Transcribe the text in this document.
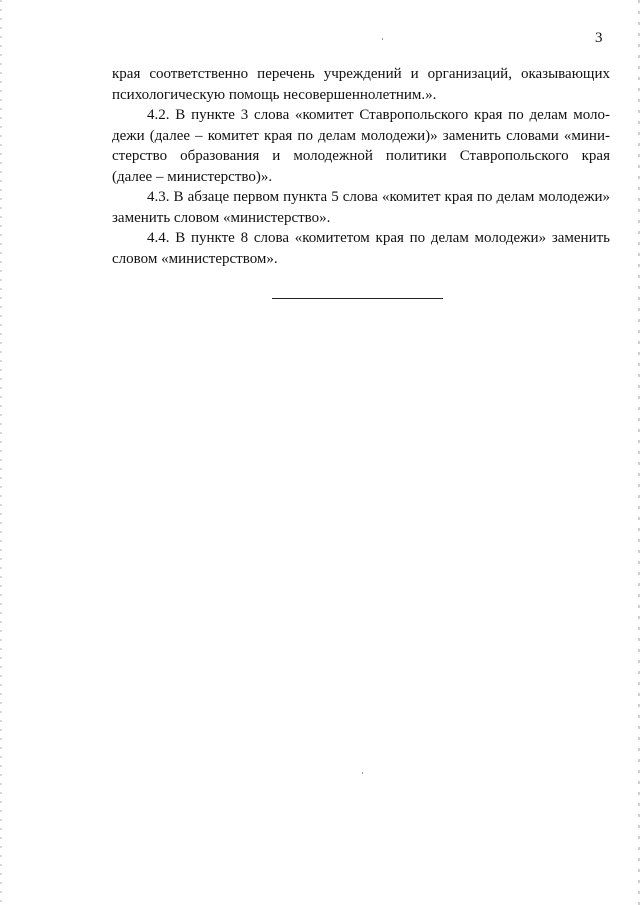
3

края соответственно перечень учреждений и организаций, оказывающих
психологическую помощь несовершеннолетним.».

4.2. В пункте 3 слова «комитет Ставропольского края по делам моло-
дежи (далее – комитет края по делам молодежи)» заменить словами «мини-
стерство образования и молодежной политики Ставропольского края
(далее – министерство)».

4.3. В абзаце первом пункта 5 слова «комитет края по делам молодежи»
заменить словом «министерство».

4.4. В пункте 8 слова «комитетом края по делам молодежи» заменить
словом «министерством».
